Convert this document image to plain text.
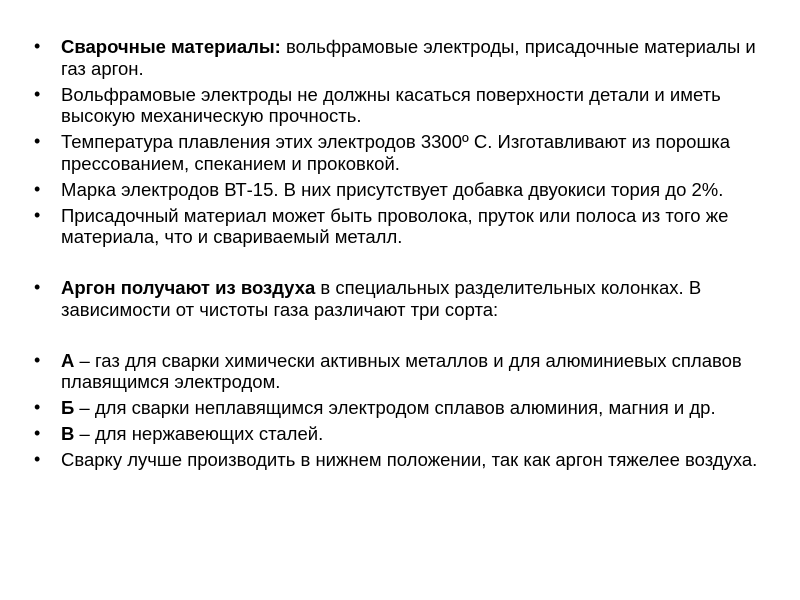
• Сварочные материалы: вольфрамовые электроды, присадочные материалы и газ аргон.
• Вольфрамовые электроды не должны касаться поверхности детали и иметь высокую механическую прочность.
• Температура плавления этих электродов 3300º С. Изготавливают из порошка прессованием, спеканием и проковкой.
• Марка электродов ВТ-15. В них присутствует добавка двуокиси тория до 2%.
• Присадочный материал может быть проволока, пруток или полоса из того же материала, что и свариваемый металл.
• Аргон получают из воздуха в специальных разделительных колонках. В зависимости от чистоты газа различают три сорта:
• А – газ для сварки химически активных металлов и для алюминиевых сплавов плавящимся электродом.
• Б – для сварки неплавящимся электродом сплавов алюминия, магния и др.
• В – для нержавеющих сталей.
• Сварку лучше производить в нижнем положении, так как аргон тяжелее воздуха.
